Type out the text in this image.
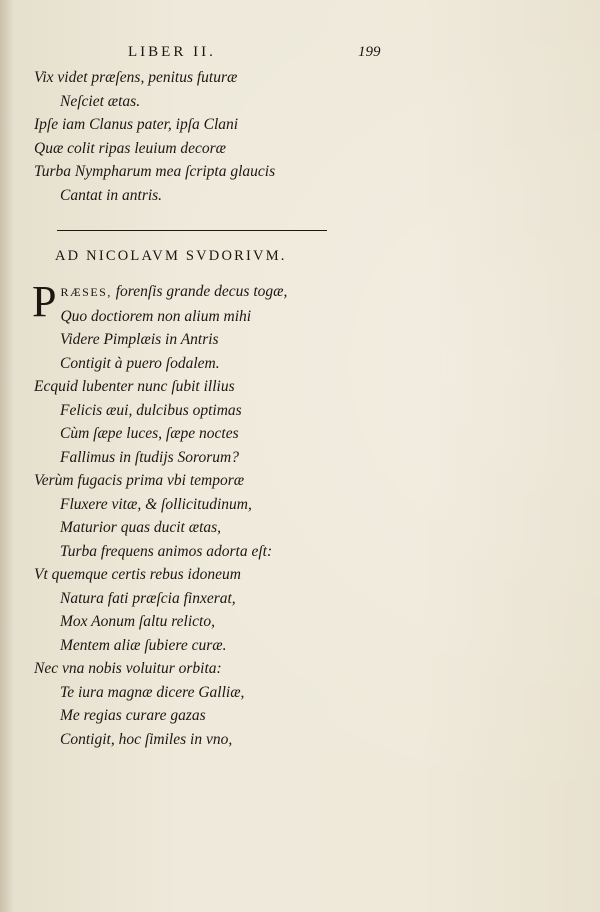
LIBER II.	199
Vix videt præſens, penitus futuræ
Neſciet ætas.
Ipſe iam Clanus pater, ipſa Clani
Quæ colit ripas leuium decoræ
Turba Nympharum mea ſcripta glaucis
Cantat in antris.
AD NICOLAVM SVDORIVM.
PRÆSES, forenſis grande decus togæ,
Quo doctiorem non alium mihi
Videre Pimplæis in Antris
Contigit à puero ſodalem.
Ecquid lubenter nunc ſubit illius
Felicis æui, dulcibus optimas
Cùm ſæpe luces, ſæpe noctes
Fallimus in ſtudijs Sororum?
Verùm fugacis prima vbi temporæ
Fluxere vitæ, & ſollicitudinum,
Maturior quas ducit ætas,
Turba frequens animos adorta eſt:
Vt quemque certis rebus idoneum
Natura fati præſcia finxerat,
Mox Aonum ſaltu relicto,
Mentem aliæ ſubiere curæ.
Nec vna nobis voluitur orbita:
Te iura magnæ dicere Galliæ,
Me regias curare gazas
Contigit, hoc ſimiles in vno,
